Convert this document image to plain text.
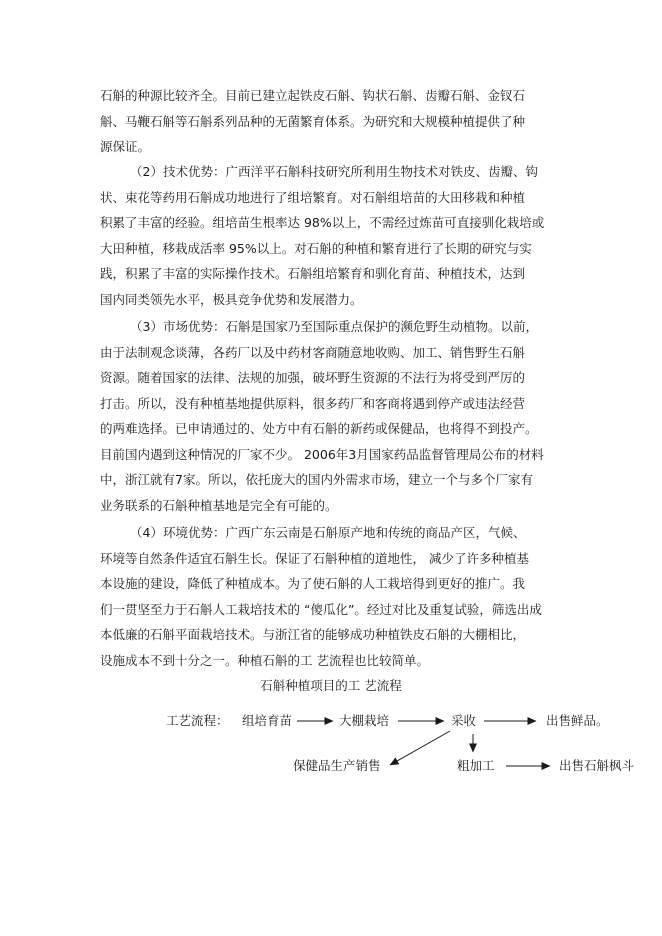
石斛的种源比较齐全。目前已建立起铁皮石斛、钩状石斛、齿瓣石斛、金钗石
斛、马鞭石斛等石斛系列品种的无菌繁育体系。为研究和大规模种植提供了种
源保证。
（2）技术优势：广西洋平石斛科技研究所利用生物技术对铁皮、齿瓣、钩
状、束花等药用石斛成功地进行了组培繁育。对石斛组培苗的大田移栽和种植
积累了丰富的经验。组培苗生根率达 98%以上，不需经过炼苗可直接驯化栽培或
大田种植，移栽成活率 95%以上。对石斛的种植和繁育进行了长期的研究与实
践，积累了丰富的实际操作技术。石斛组培繁育和驯化育苗、种植技术，达到
国内同类领先水平，极具竞争优势和发展潜力。
（3）市场优势：石斛是国家乃至国际重点保护的濒危野生动植物。以前，
由于法制观念谈薄，各药厂以及中药材客商随意地收购、加工、销售野生石斛
资源。随着国家的法律、法规的加强，破坏野生资源的不法行为将受到严厉的
打击。所以，没有种植基地提供原料，很多药厂和客商将遇到停产或违法经营
的两难选择。已申请通过的、处方中有石斛的新药或保健品，也将得不到投产。
目前国内遇到这种情况的厂家不少。 2006年3月国家药品监督管理局公布的材料
中，浙江就有7家。所以，依托庞大的国内外需求市场，建立一个与多个厂家有
业务联系的石斛种植基地是完全有可能的。
（4）环境优势：广西广东云南是石斛原产地和传统的商品产区，气候、
环境等自然条件适宜石斛生长。保证了石斛种植的道地性， 减少了许多种植基
本设施的建设，降低了种植成本。为了使石斛的人工栽培得到更好的推广。我
们一贯坚至力于石斛人工栽培技术的 “傻瓜化”。经过对比及重复试验，筛选出成
本低廉的石斛平面栽培技术。与浙江省的能够成功种植铁皮石斛的大棚相比，
设施成本不到十分之一。种植石斛的工 艺流程也比较简单。
石斛种植项目的工 艺流程
工艺流程： 组培育苗	大棚栽培	采收	出售鲜品。
粗加工
保健品生产销售	出售石斛枫斗
